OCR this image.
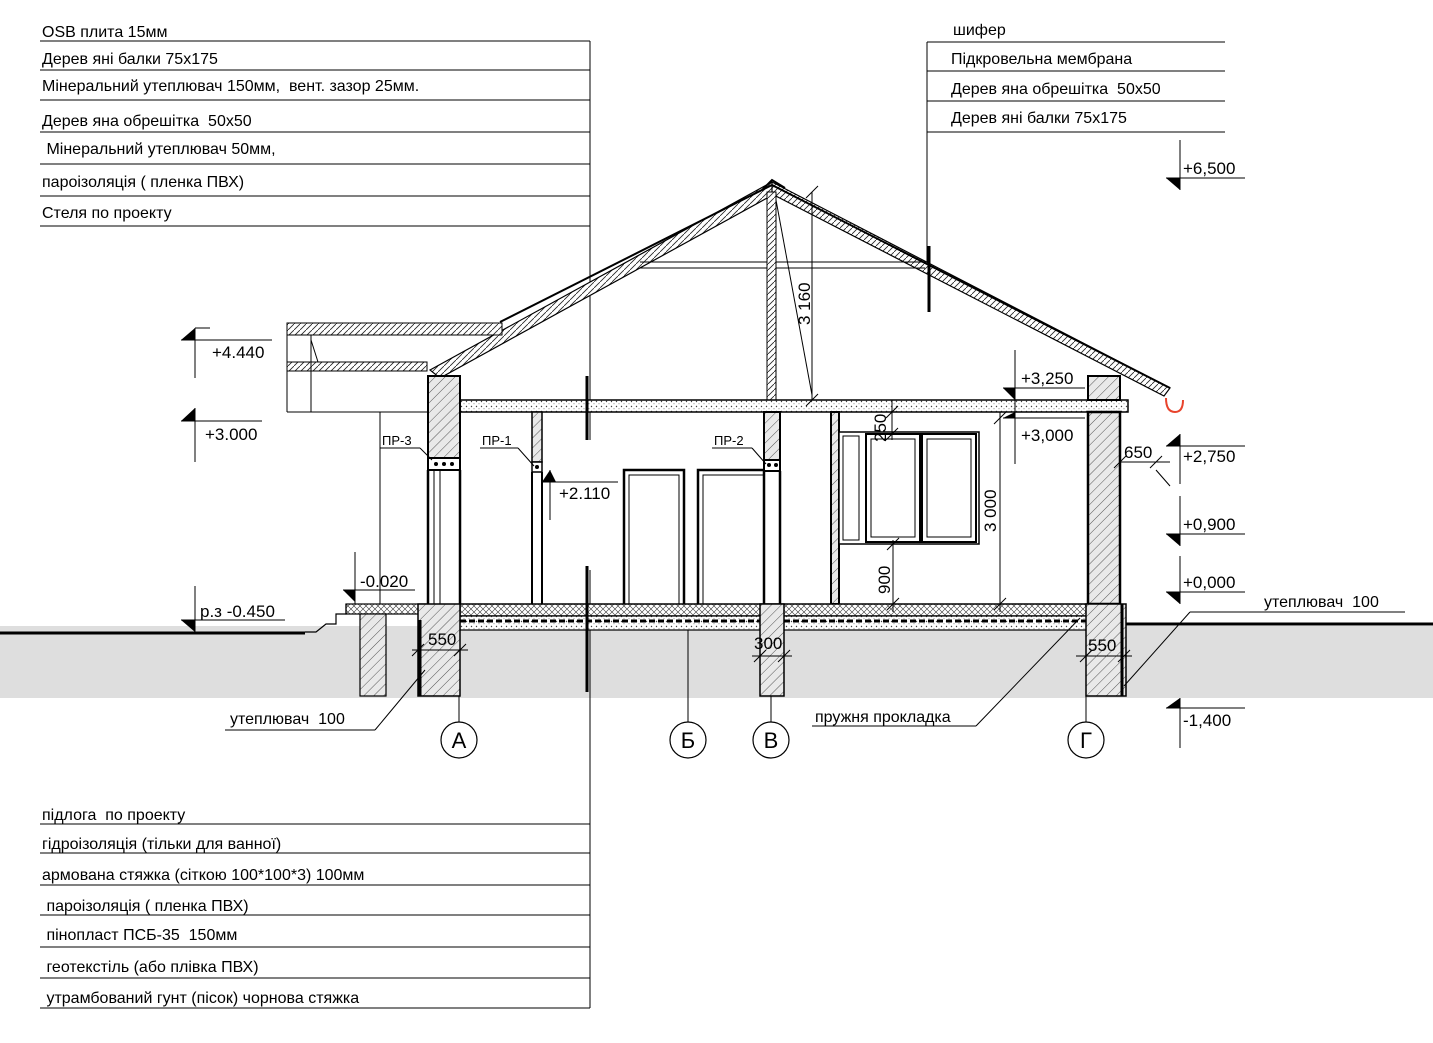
OSB плита 15мм
Дерев яні балки 75х175
Мінеральний утеплювач 150мм,  вент. зазор 25мм.
Дерев яна обрешітка  50х50
Мінеральний утеплювач 50мм,
пароізоляція ( пленка ПВХ)
Стеля по проекту
шифер
Підкровельна мембрана
Дерев яна обрешітка  50х50
Дерев яні балки 75х175
підлога  по проекту
гідроізоляція (тільки для ванної)
армована стяжка (сіткою 100*100*3) 100мм
пароізоляція ( пленка ПВХ)
пінопласт ПСБ-35  150мм
геотекстіль (або плівка ПВХ)
утрамбований гунт (пісок) чорнова стяжка
+6,500
+4.440
+3.000
+3,250
+3,000
+2,750
+0,900
+0,000
-1,400
р.з -0.450
-0.020
+2.110
3 160
250
3 000
900
650
550	300	550
ПР-3	ПР-1	ПР-2
утеплювач  100
утеплювач  100
пружня прокладка
А	Б	В	Г
